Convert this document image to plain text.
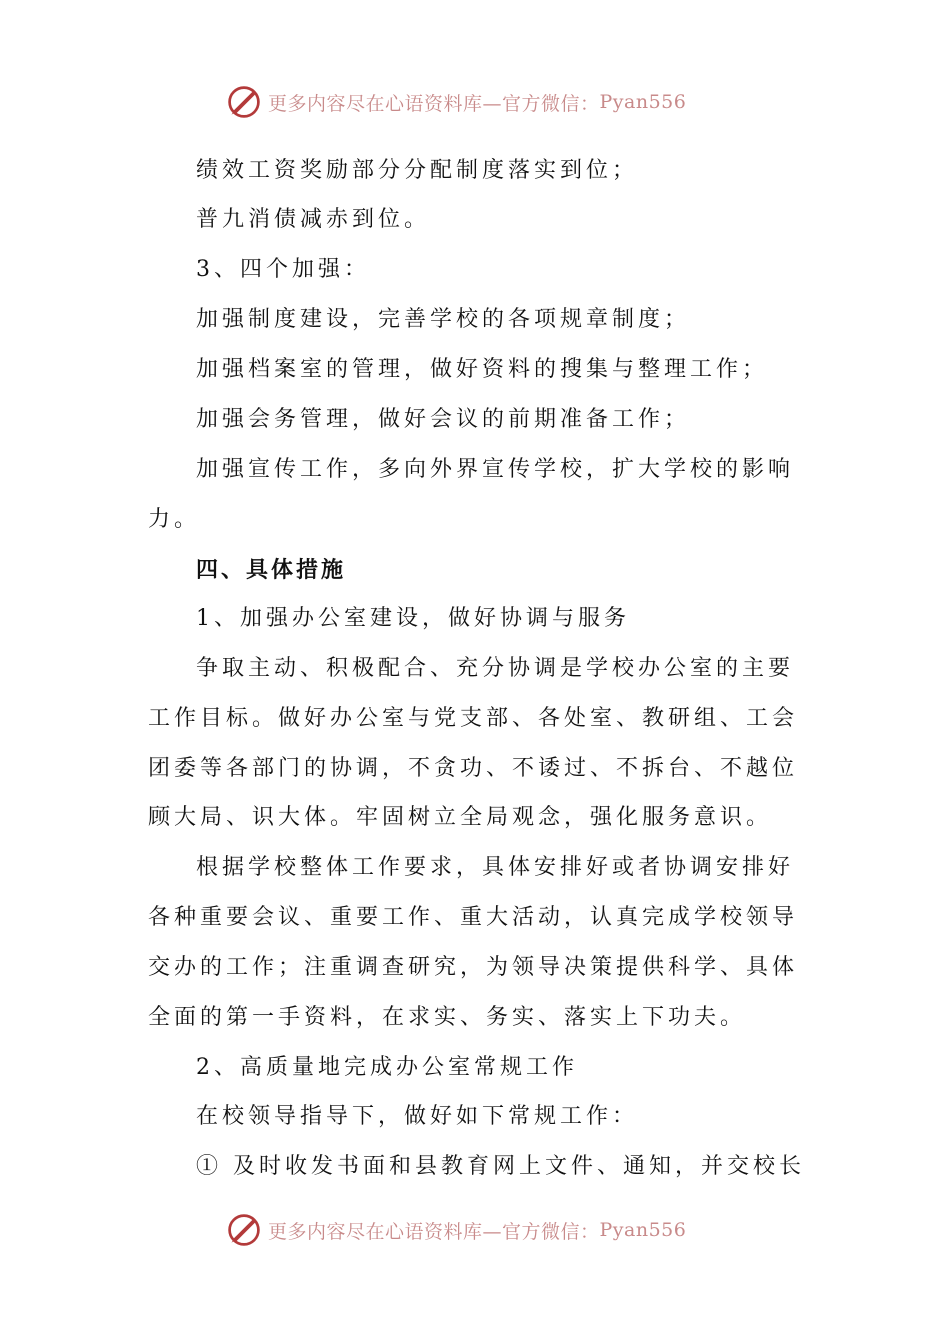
更多内容尽在心语资料库—官方微信： Pyan556
绩效工资奖励部分分配制度落实到位；
普九消债减赤到位。
3、四个加强：
加强制度建设，完善学校的各项规章制度；
加强档案室的管理，做好资料的搜集与整理工作；
加强会务管理，做好会议的前期准备工作；
加强宣传工作，多向外界宣传学校，扩大学校的影响
力。
四、具体措施
1、加强办公室建设，做好协调与服务
争取主动、积极配合、充分协调是学校办公室的主要
工作目标。做好办公室与党支部、各处室、教研组、工会
团委等各部门的协调，不贪功、不诿过、不拆台、不越位
顾大局、识大体。牢固树立全局观念，强化服务意识。
根据学校整体工作要求，具体安排好或者协调安排好
各种重要会议、重要工作、重大活动，认真完成学校领导
交办的工作；注重调查研究，为领导决策提供科学、具体
全面的第一手资料，在求实、务实、落实上下功夫。
2、高质量地完成办公室常规工作
在校领导指导下，做好如下常规工作：
① 及时收发书面和县教育网上文件、通知，并交校长
更多内容尽在心语资料库—官方微信： Pyan556
